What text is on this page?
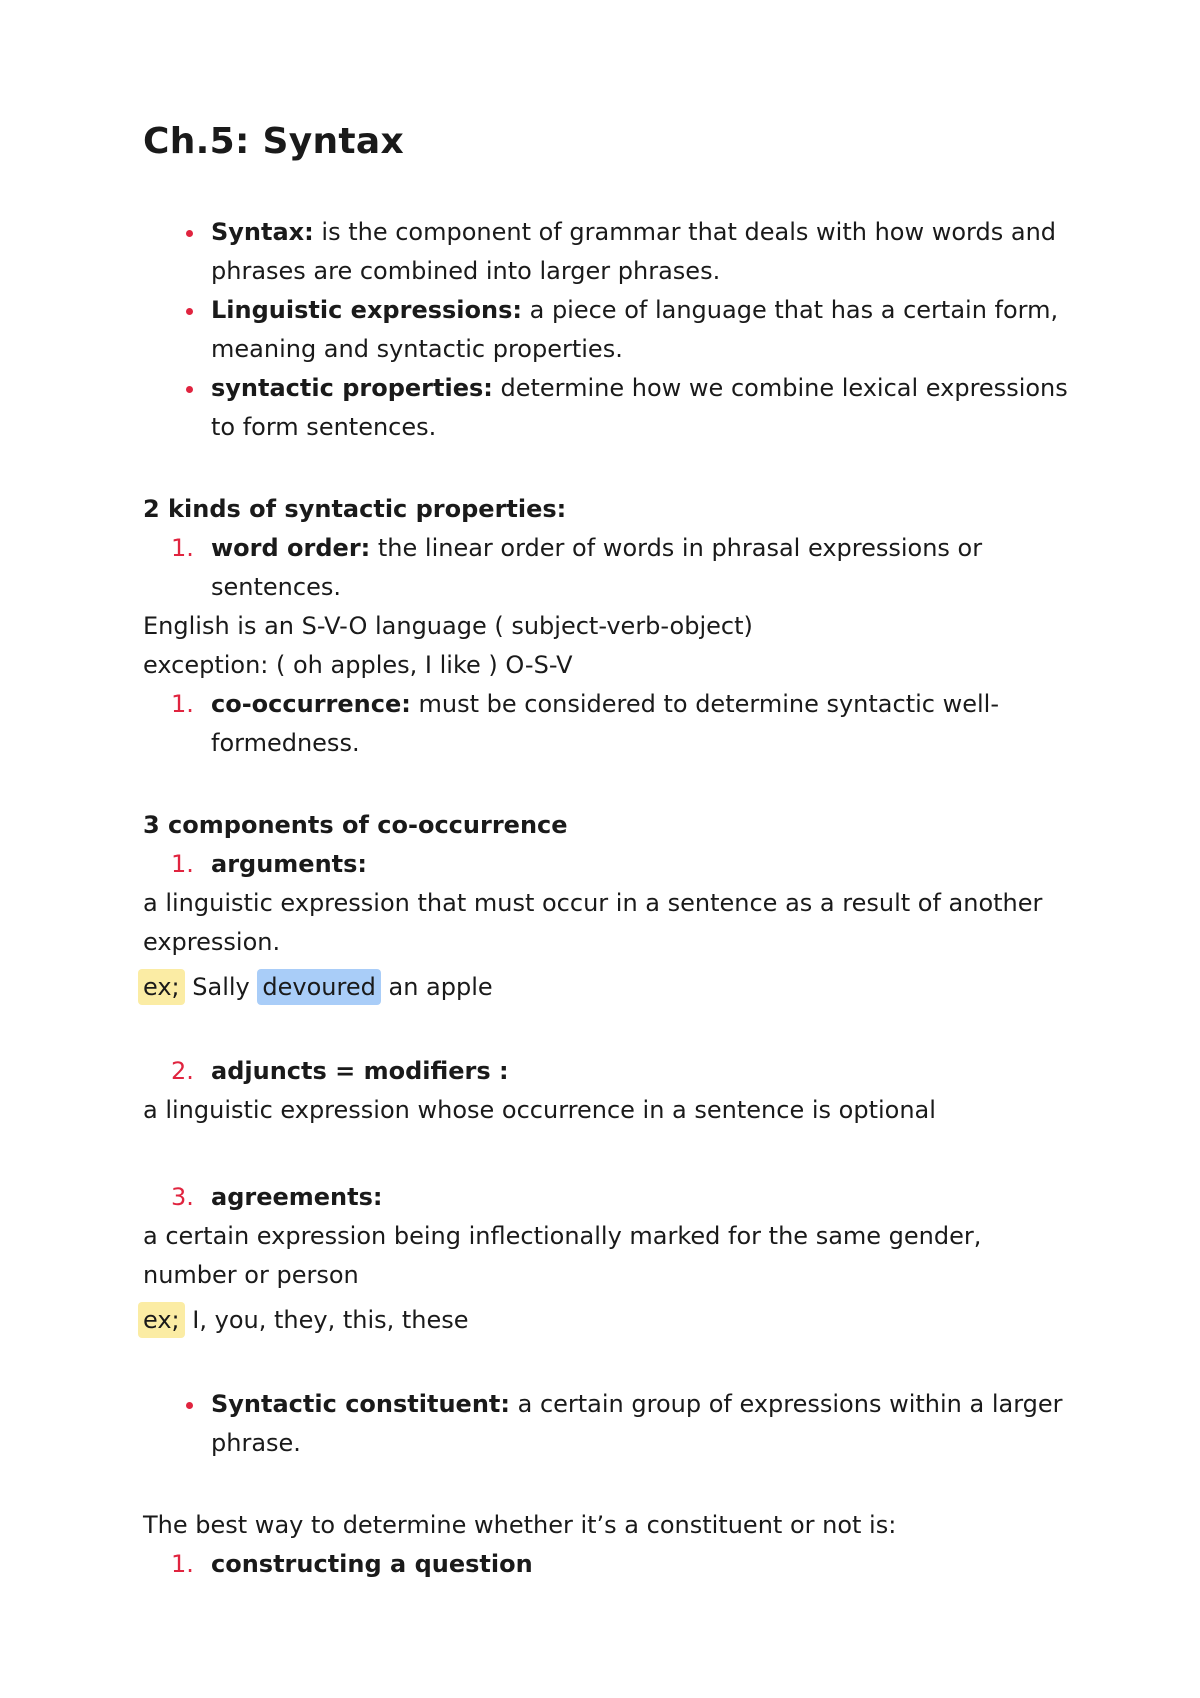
Ch.5: Syntax
Syntax: is the component of grammar that deals with how words and phrases are combined into larger phrases.
Linguistic expressions: a piece of language that has a certain form, meaning and syntactic properties.
syntactic properties: determine how we combine lexical expressions to form sentences.

2 kinds of syntactic properties:

1. word order: the linear order of words in phrasal expressions or sentences.

English is an S-V-O language ( subject-verb-object)

exception: ( oh apples, I like ) O-S-V

1. co-occurrence: must be considered to determine syntactic well-formedness.

3 components of co-occurrence

1. arguments:

a linguistic expression that must occur in a sentence as a result of another expression.

ex; Sally devoured an apple

2. adjuncts = modifiers :

a linguistic expression whose occurrence in a sentence is optional

3. agreements:

a certain expression being inflectionally marked for the same gender, number or person

ex; I, you, they, this, these

Syntactic constituent: a certain group of expressions within a larger phrase.

The best way to determine whether it’s a constituent or not is:

1. constructing a question
